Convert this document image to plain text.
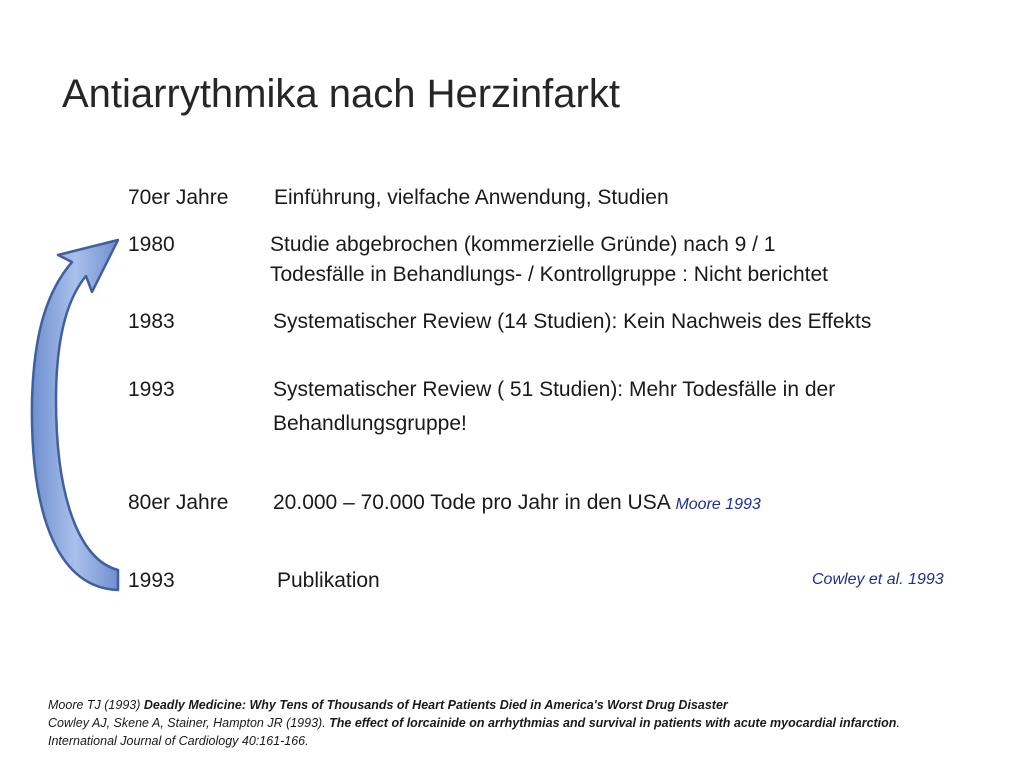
Antiarrythmika nach Herzinfarkt
70er Jahre Einführung, vielfache Anwendung, Studien
1980	Studie abgebrochen (kommerzielle Gründe) nach 9 / 1
Todesfälle in Behandlungs- / Kontrollgruppe : Nicht berichtet
1983	Systematischer Review (14 Studien): Kein Nachweis des Effekts
1993	Systematischer Review ( 51 Studien): Mehr Todesfälle in der
Behandlungsgruppe!
80er Jahre 20.000 – 70.000 Tode pro Jahr in den USA Moore 1993
1993	Publikation	Cowley et al. 1993
Moore TJ (1993) Deadly Medicine: Why Tens of Thousands of Heart Patients Died in America's Worst Drug Disaster
Cowley AJ, Skene A, Stainer, Hampton JR (1993). The effect of lorcainide on arrhythmias and survival in patients with acute myocardial infarction. International Journal of Cardiology 40:161-166.
